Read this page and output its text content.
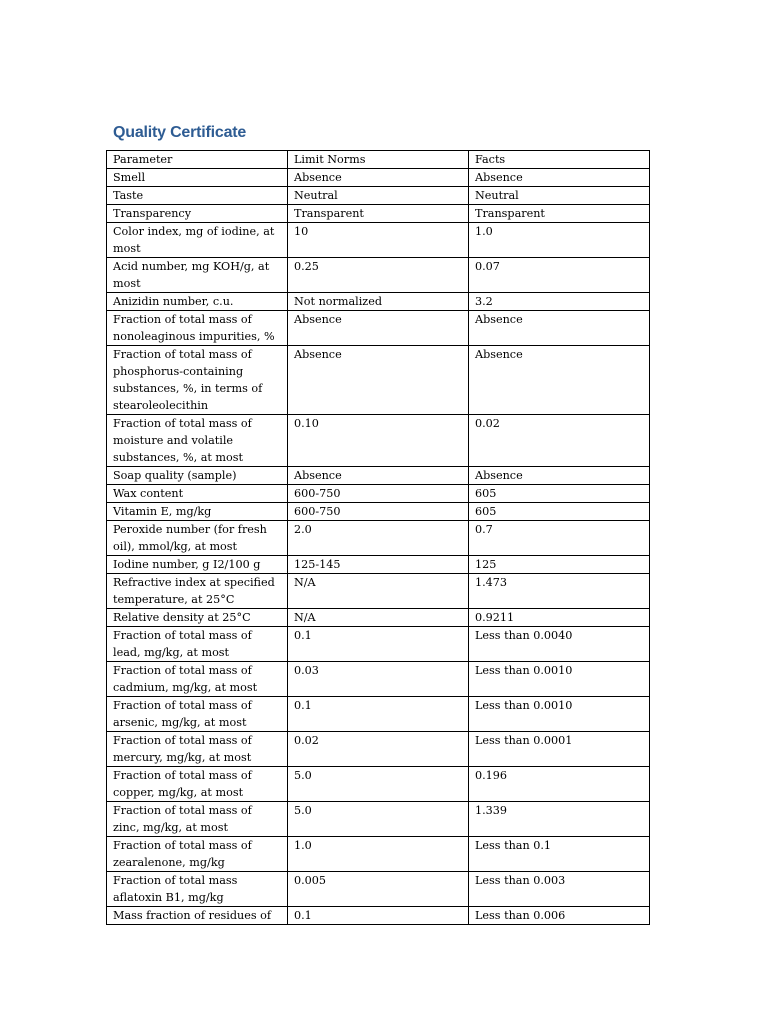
Quality Certificate
Parameter	Limit Norms	Facts
Smell	Absence	Absence
Taste	Neutral	Neutral
Transparency	Transparent	Transparent
Color index, mg of iodine, at most	10	1.0
Acid number, mg KOH/g, at most	0.25	0.07
Anizidin number, c.u.	Not normalized	3.2
Fraction of total mass of nonoleaginous impurities, %	Absence	Absence
Fraction of total mass of phosphorus-containing substances, %, in terms of stearoleolecithin	Absence	Absence
Fraction of total mass of moisture and volatile substances, %, at most	0.10	0.02
Soap quality (sample)	Absence	Absence
Wax content	600-750	605
Vitamin E, mg/kg	600-750	605
Peroxide number (for fresh oil), mmol/kg, at most	2.0	0.7
Iodine number, g I2/100 g	125-145	125
Refractive index at specified temperature, at 25°C	N/A	1.473
Relative density at 25°C	N/A	0.9211
Fraction of total mass of lead, mg/kg, at most	0.1	Less than 0.0040
Fraction of total mass of cadmium, mg/kg, at most	0.03	Less than 0.0010
Fraction of total mass of arsenic, mg/kg, at most	0.1	Less than 0.0010
Fraction of total mass of mercury, mg/kg, at most	0.02	Less than 0.0001
Fraction of total mass of copper, mg/kg, at most	5.0	0.196
Fraction of total mass of zinc, mg/kg, at most	5.0	1.339
Fraction of total mass of zearalenone, mg/kg	1.0	Less than 0.1
Fraction of total mass aflatoxin B1, mg/kg	0.005	Less than 0.003
Mass fraction of residues of	0.1	Less than 0.006
